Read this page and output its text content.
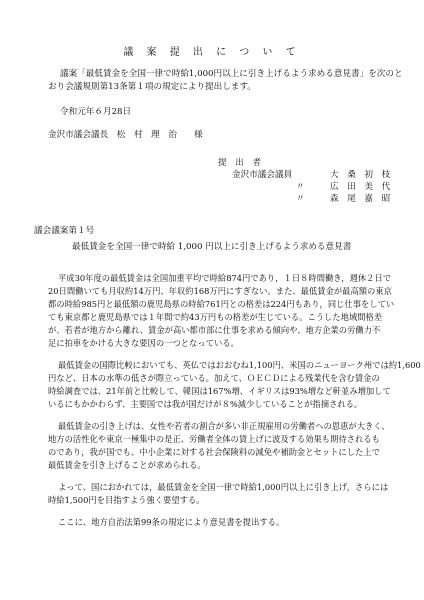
議 案 提 出 に つ い て
議案「最低賃金を全国一律で時給1,000円以上に引き上げるよう求める意見書」を次のと
おり会議規則第13条第１項の規定により提出します。
令和元年６月28日
金沢市議会議長　松　村　理　治　　様
提　出　者
金沢市議会議員
〃
〃
大　桑　初　枝
広　田　美　代
森　尾　嘉　昭
議会議案第１号
最低賃金を全国一律で時給 1,000 円以上に引き上げるよう求める意見書
平成30年度の最低賃金は全国加重平均で時給874円であり，１日８時間働き，週休２日で
20日間働いても月収約14万円、年収約168万円にすぎない。また、最低賃金が最高額の東京
都の時給985円と最低額の鹿児島県の時給761円との格差は224円もあり，同じ仕事をしてい
ても東京都と鹿児島県では１年間で約43万円もの格差が生じている。こうした地域間格差
が、若者が地方から離れ、賃金が高い都市部に仕事を求める傾向や、地方企業の労働力不
足に拍車をかける大きな要因の一つとなっている。
最低賃金の国際比較においても、英仏ではおおむね1,100円、米国のニューヨーク州では約1,600
円など、日本の水準の低さが際立っている。加えて、ＯＥＣＤによる残業代を含む賃金の
時給調査では、21年前と比較して、韓国は167%増、イギリスは93%増など軒並み増加して
いるにもかかわらず、主要国では我が国だけが８%減少していることが指摘される。
最低賃金の引き上げは、女性や若者の割合が多い非正規雇用の労働者への恩恵が大きく、
地方の活性化や東京一極集中の是正、労働者全体の賃上げに波及する効果も期待されるも
のであり，我が国でも、中小企業に対する社会保険料の減免や補助金とセットにした上で
最低賃金を引き上げることが求められる。
よって、国におかれては，最低賃金を全国一律で時給1,000円以上に引き上げ，さらには
時給1,500円を目指すよう強く要望する。
ここに、地方自治法第99条の規定により意見書を提出する。
